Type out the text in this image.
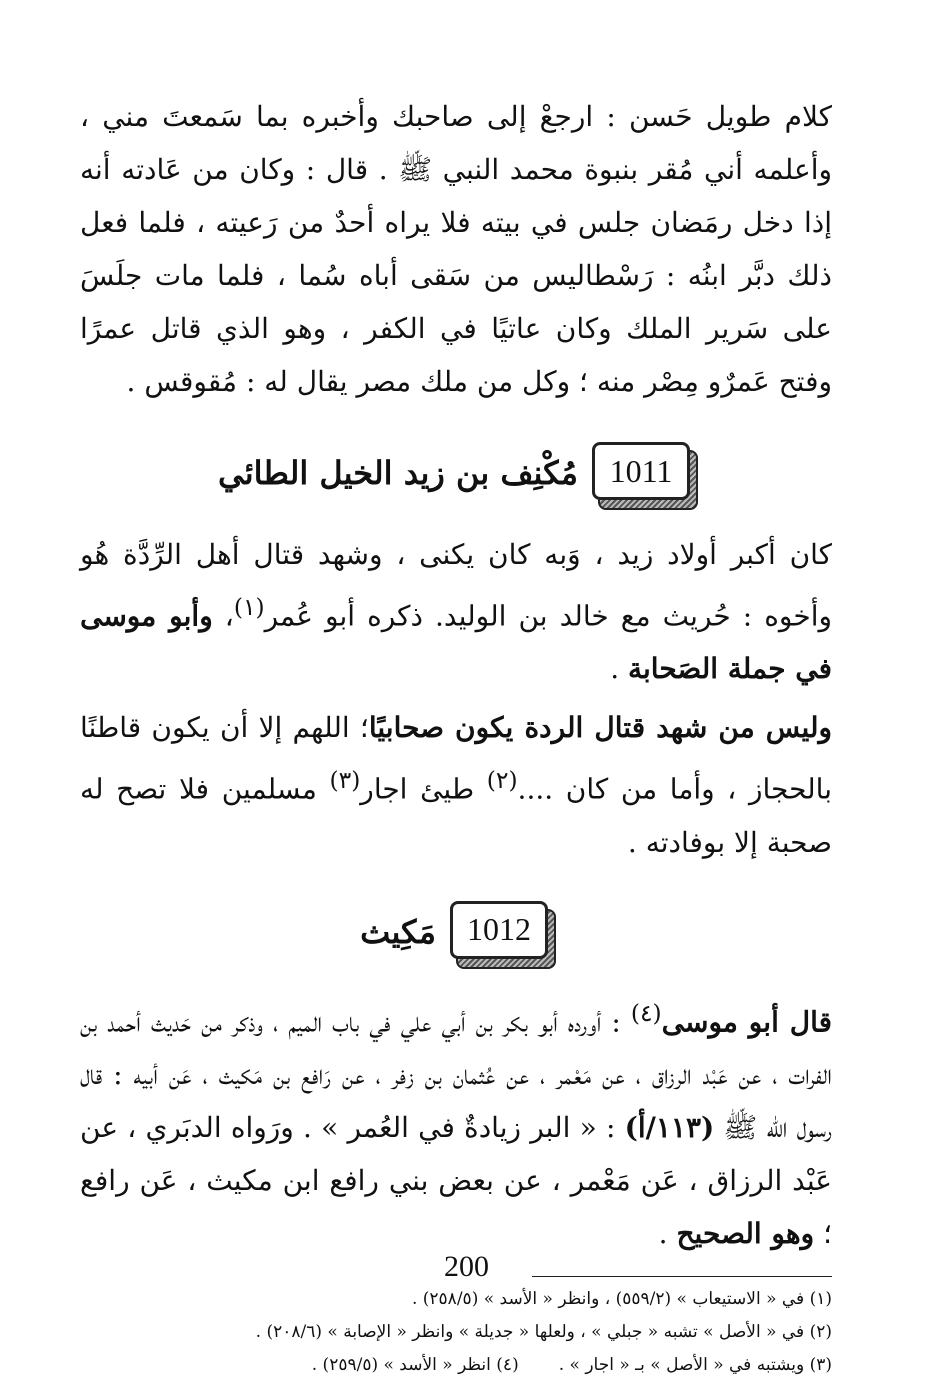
كلام طويل حَسن : ارجعْ إلى صاحبك وأخبره بما سَمعتَ مني ، وأعلمه أني مُقر بنبوة محمد النبي ﷺ . قال : وكان من عَادته أنه إذا دخل رمَضان جلس في بيته فلا يراه أحدٌ من رَعيته ، فلما فعل ذلك دبَّر ابنُه : رَسْطاليس من سَقى أباه سُما ، فلما مات جلَسَ على سَرير الملك وكان عاتيًا في الكفر ، وهو الذي قاتل عمرًا وفتح عَمرٌو مِصْر منه ؛ وكل من ملك مصر يقال له : مُقوقس .

1011
مُكْنِف بن زيد الخيل الطائي

كان أكبر أولاد زيد ، وَبه كان يكنى ، وشهد قتال أهل الرِّدَّة هُو وأخوه : حُريث مع خالد بن الوليد. ذكره أبو عُمر$^{(١)}$، وأبو موسى في جملة الصَحابة .

وليس من شهد قتال الردة يكون صحابيًا؛ اللهم إلا أن يكون قاطنًا بالحجاز ، وأما من كان ....$^{(٢)}$ طيئ اجار$^{(٣)}$ مسلمين فلا تصح له صحبة إلا بوفادته .

1012
مَكِيث

قال أبو موسى$^{(٤)}$ : أورده أبو بكر بن أبي علي في باب الميم ، وذكر من حَديث أحمد بن الفرات ، عن عَبْد الرزاق ، عن مَعْمر ، عن عُثمان بن زفر ، عن رَافع بن مَكيث ، عَن أبيه : قال رسول الله ﷺ (١١٣/أ) : « البر زيادةٌ في العُمر » . ورَواه الدبَري ، عن عَبْد الرزاق ، عَن مَعْمر ، عن بعض بني رافع ابن مكيث ، عَن رافع ؛ وهو الصحيح .

(١) في « الاستيعاب » (٥٥٩/٢) ، وانظر « الأسد » (٢٥٨/٥) .
(٢) في « الأصل » تشبه « جبلي » ، ولعلها « جديلة » وانظر « الإصابة » (٢٠٨/٦) .
(٣) ويشتبه في « الأصل » بـ « اجار » .
(٤) انظر « الأسد » (٢٥٩/٥) .
200
